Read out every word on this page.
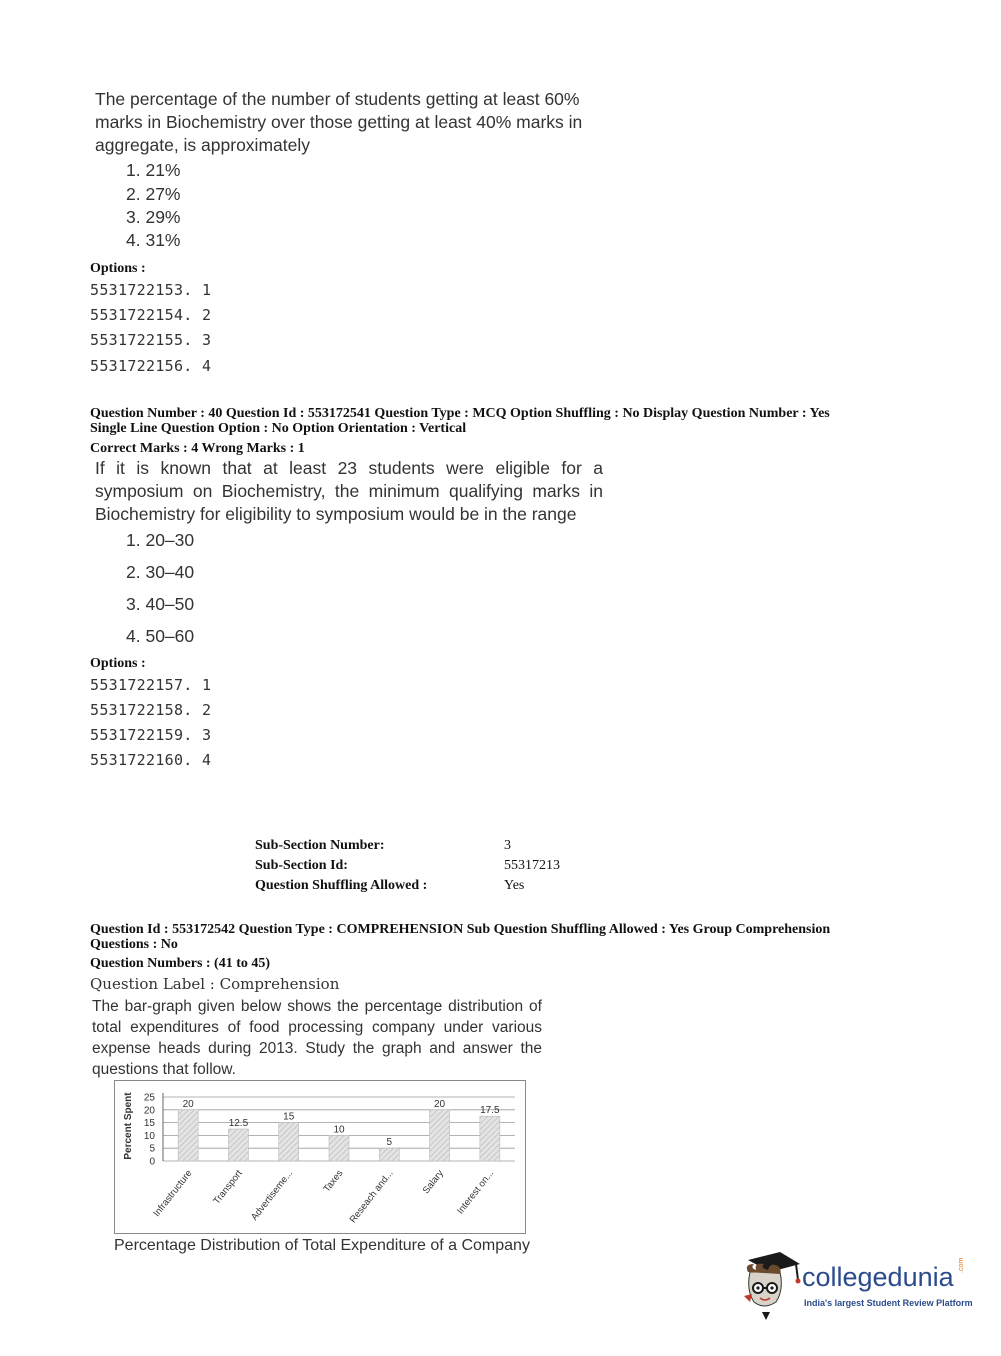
The percentage of the number of students getting at least 60%
marks in Biochemistry over those getting at least 40% marks in
aggregate, is approximately
1. 21%
2. 27%
3. 29%
4. 31%
Options :
5531722153. 1
5531722154. 2
5531722155. 3
5531722156. 4
Question Number : 40 Question Id : 553172541 Question Type : MCQ Option Shuffling : No Display Question Number : Yes
Single Line Question Option : No Option Orientation : Vertical
Correct Marks : 4 Wrong Marks : 1
If it is known that at least 23 students were eligible for a
symposium on Biochemistry, the minimum qualifying marks in
Biochemistry for eligibility to symposium would be in the range
1. 20–30
2. 30–40
3. 40–50
4. 50–60
Options :
5531722157. 1
5531722158. 2
5531722159. 3
5531722160. 4
Sub-Section Number:	3
Sub-Section Id:	55317213
Question Shuffling Allowed :	Yes
Question Id : 553172542 Question Type : COMPREHENSION Sub Question Shuffling Allowed : Yes Group Comprehension
Questions : No
Question Numbers : (41 to 45)
Question Label : Comprehension
The bar-graph given below shows the percentage distribution of
total expenditures of food processing company under various
expense heads during 2013. Study the graph and answer the
questions that follow.
20
12.5
15
10
5
20
17.5
0
5
10
15
20
25
Infrastructure Transport Advertiseme...	Taxes Reseach and...	Salary Interest on...
Percent Spent
Percentage Distribution of Total Expenditure of a Company
collegedunia .com
India's largest Student Review Platform
